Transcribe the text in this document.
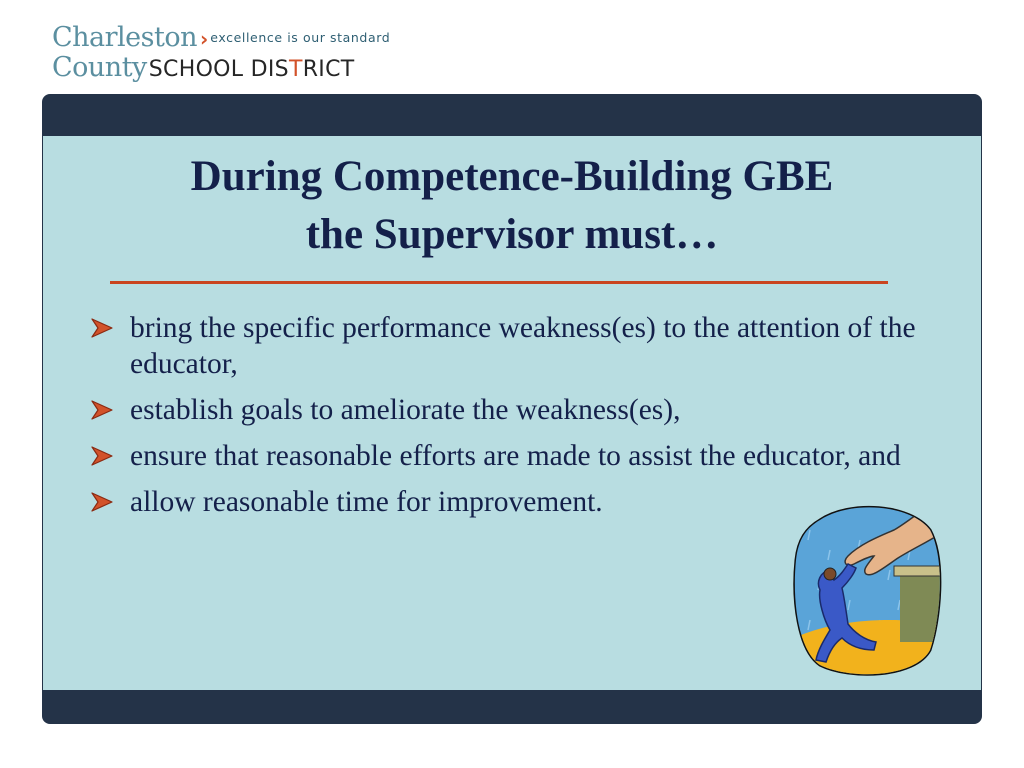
Charleston › $^{excellence is our standard}$
CountySCHOOL DISTRICT
During Competence-Building GBE
the Supervisor must…
bring the specific performance weakness(es) to the attention of the educator,
establish goals to ameliorate the weakness(es),
ensure that reasonable efforts are made to assist the educator, and
allow reasonable time for improvement.
